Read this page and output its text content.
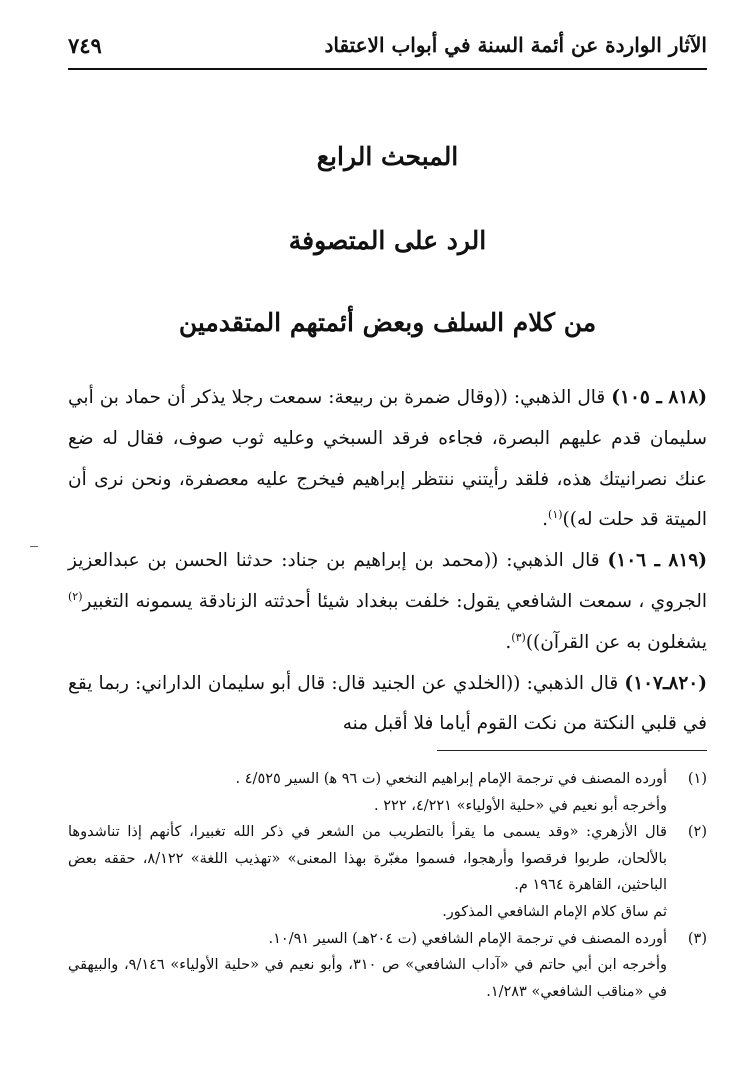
الآثار الواردة عن أئمة السنة في أبواب الاعتقاد
٧٤٩
المبحث الرابع
الرد على المتصوفة
من كلام السلف وبعض أئمتهم المتقدمين

(٨١٨ ـ ١٠٥) قال الذهبي: ((وقال ضمرة بن ربيعة: سمعت رجلا يذكر أن حماد بن أبي سليمان قدم عليهم البصرة، فجاءه فرقد السبخي وعليه ثوب صوف، فقال له ضع عنك نصرانيتك هذه، فلقد رأيتني ننتظر إبراهيم فيخرج عليه معصفرة، ونحن نرى أن الميتة قد حلت له))$^{(١)}$.

(٨١٩ ـ ١٠٦) قال الذهبي: ((محمد بن إبراهيم بن جناد: حدثنا الحسن بن عبدالعزيز الجروي ، سمعت الشافعي يقول: خلفت ببغداد شيئا أحدثته الزنادقة يسمونه التغبير$^{(٢)}$ يشغلون به عن القرآن))$^{(٣)}$.

(٨٢٠ـ١٠٧) قال الذهبي: ((الخلدي عن الجنيد قال: قال أبو سليمان الداراني: ربما يقع في قلبي النكتة من نكت القوم أياما فلا أقبل منه

(١)
أورده المصنف في ترجمة الإمام إبراهيم النخعي (ت ٩٦ ﻫ) السير ٤/٥٢٥ .
وأخرجه أبو نعيم في «حلية الأولياء» ٤/٢٢١، ٢٢٢ .
(٢)
قال الأزهري: «وقد يسمى ما يقرأ بالتطريب من الشعر في ذكر الله تغبيرا، كأنهم إذا تناشدوها بالألحان، طربوا فرقصوا وأرهجوا، فسموا مغبّرة بهذا المعنى» «تهذيب اللغة» ٨/١٢٢، حققه بعض الباحثين، القاهرة ١٩٦٤ م.
ثم ساق كلام الإمام الشافعي المذكور.
(٣)
أورده المصنف في ترجمة الإمام الشافعي (ت ٢٠٤هـ) السير ١٠/٩١.
وأخرجه ابن أبي حاتم في «آداب الشافعي» ص ٣١٠، وأبو نعيم في «حلية الأولياء» ٩/١٤٦، والبيهقي في «مناقب الشافعي» ١/٢٨٣.
